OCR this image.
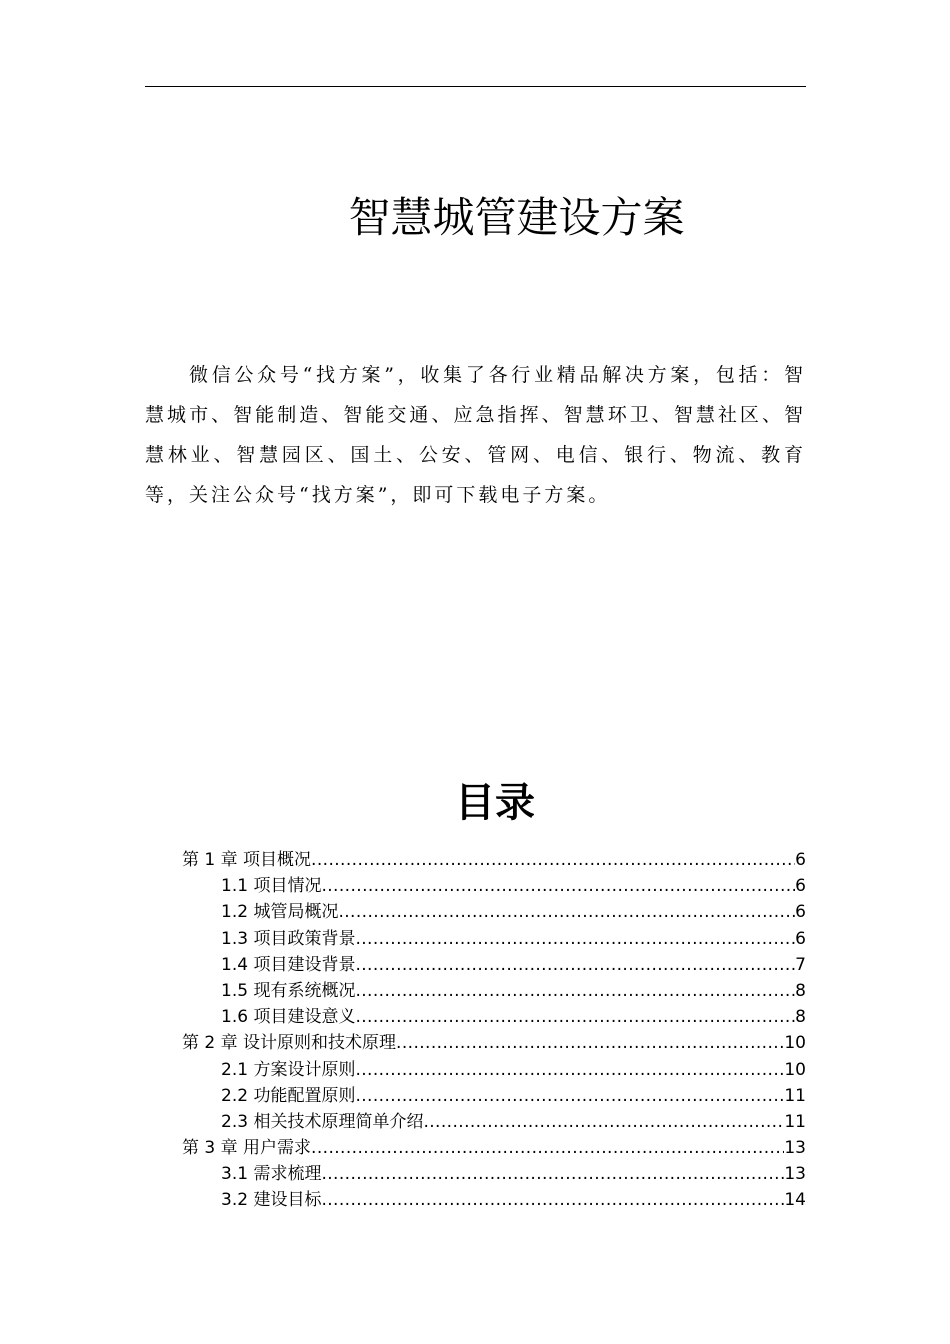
智慧城管建设方案

微信公众号“找方案”，收集了各行业精品解决方案，包括：智慧城市、智能制造、智能交通、应急指挥、智慧环卫、智慧社区、智慧林业、智慧园区、国土、公安、管网、电信、银行、物流、教育等，关注公众号“找方案”，即可下载电子方案。

目录
第 1 章 项目概况 .....	6
1.1 项目情况 .....	6
1.2 城管局概况 .....	6
1.3 项目政策背景 .....	6
1.4 项目建设背景 .....	7
1.5 现有系统概况 .....	8
1.6 项目建设意义 .....	8
第 2 章 设计原则和技术原理 .....	10
2.1 方案设计原则 .....	10
2.2 功能配置原则 .....	11
2.3 相关技术原理简单介绍 .....	11
第 3 章 用户需求 .....	13
3.1 需求梳理 .....	13
3.2 建设目标 .....	14
